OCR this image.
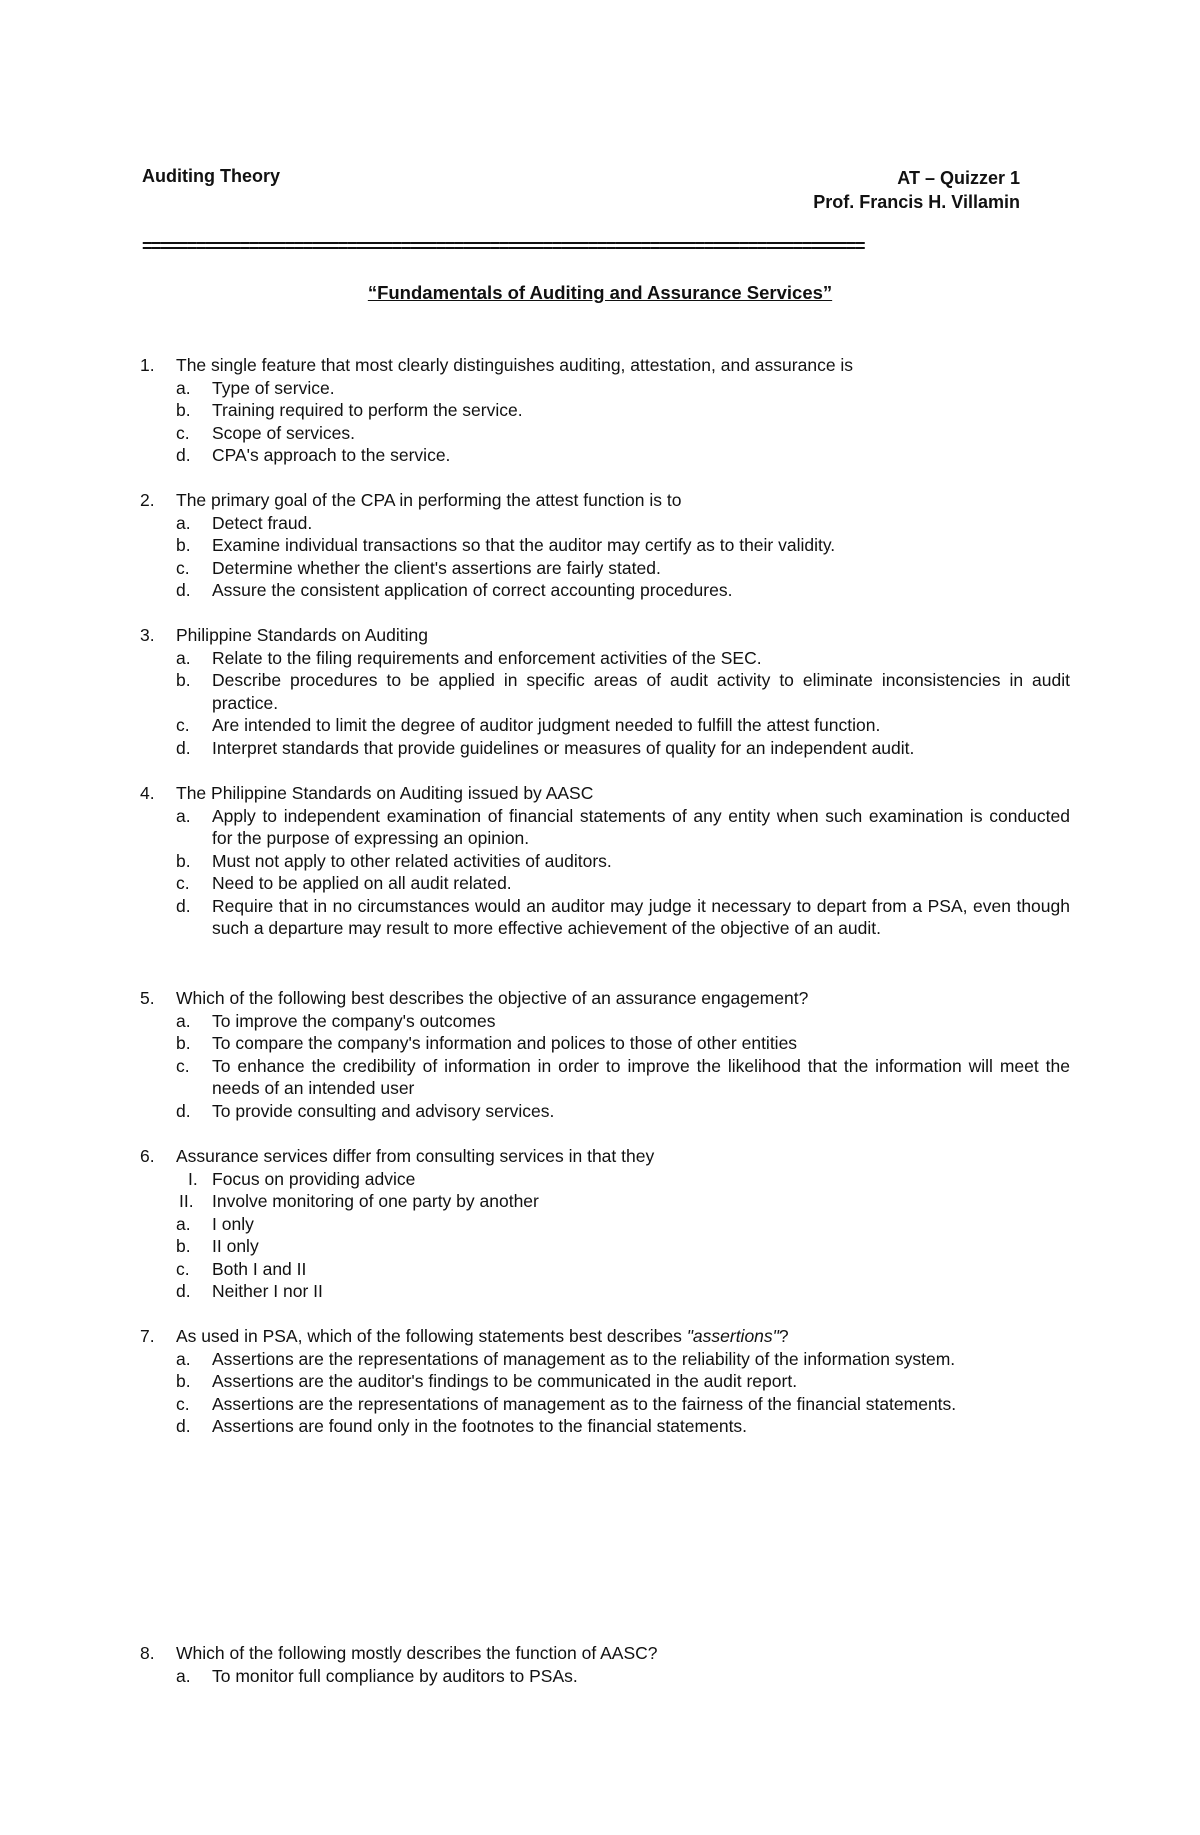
Auditing Theory	AT – Quizzer 1
Prof. Francis H. Villamin
=================================================================================
“Fundamentals of Auditing and Assurance Services”
1. The single feature that most clearly distinguishes auditing, attestation, and assurance is
a. Type of service.
b. Training required to perform the service.
c. Scope of services.
d. CPA's approach to the service.
2. The primary goal of the CPA in performing the attest function is to
a. Detect fraud.
b. Examine individual transactions so that the auditor may certify as to their validity.
c. Determine whether the client's assertions are fairly stated.
d. Assure the consistent application of correct accounting procedures.
3. Philippine Standards on Auditing
a. Relate to the filing requirements and enforcement activities of the SEC.
b. Describe procedures to be applied in specific areas of audit activity to eliminate inconsistencies in audit practice.
c. Are intended to limit the degree of auditor judgment needed to fulfill the attest function.
d. Interpret standards that provide guidelines or measures of quality for an independent audit.
4. The Philippine Standards on Auditing issued by AASC
a. Apply to independent examination of financial statements of any entity when such examination is conducted for the purpose of expressing an opinion.
b. Must not apply to other related activities of auditors.
c. Need to be applied on all audit related.
d. Require that in no circumstances would an auditor may judge it necessary to depart from a PSA, even though such a departure may result to more effective achievement of the objective of an audit.
5. Which of the following best describes the objective of an assurance engagement?
a. To improve the company's outcomes
b. To compare the company's information and polices to those of other entities
c. To enhance the credibility of information in order to improve the likelihood that the information will meet the needs of an intended user
d. To provide consulting and advisory services.
6. Assurance services differ from consulting services in that they
I. Focus on providing advice
II. Involve monitoring of one party by another
a. I only
b. II only
c. Both I and II
d. Neither I nor II
7. As used in PSA, which of the following statements best describes "assertions"?
a. Assertions are the representations of management as to the reliability of the information system.
b. Assertions are the auditor's findings to be communicated in the audit report.
c. Assertions are the representations of management as to the fairness of the financial statements.
d. Assertions are found only in the footnotes to the financial statements.
8. Which of the following mostly describes the function of AASC?
a. To monitor full compliance by auditors to PSAs.
